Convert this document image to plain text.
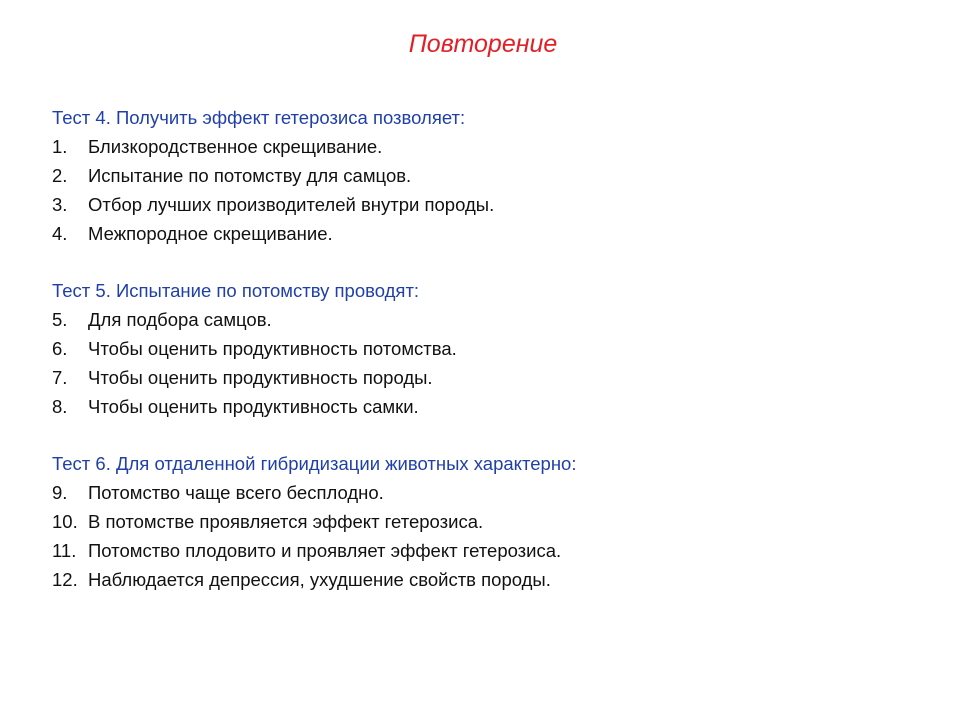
Повторение
Тест 4. Получить эффект гетерозиса позволяет:
1.	Близкородственное скрещивание.
2.	Испытание по потомству для самцов.
3.	Отбор лучших производителей внутри породы.
4.	Межпородное скрещивание.
Тест 5. Испытание по потомству проводят:
5.	Для подбора самцов.
6.	Чтобы оценить продуктивность потомства.
7.	Чтобы оценить продуктивность породы.
8.	Чтобы оценить продуктивность самки.
Тест 6. Для отдаленной гибридизации животных характерно:
9.	Потомство чаще всего бесплодно.
10. В потомстве проявляется эффект гетерозиса.
11. Потомство плодовито и проявляет эффект гетерозиса.
12. Наблюдается депрессия, ухудшение свойств породы.
